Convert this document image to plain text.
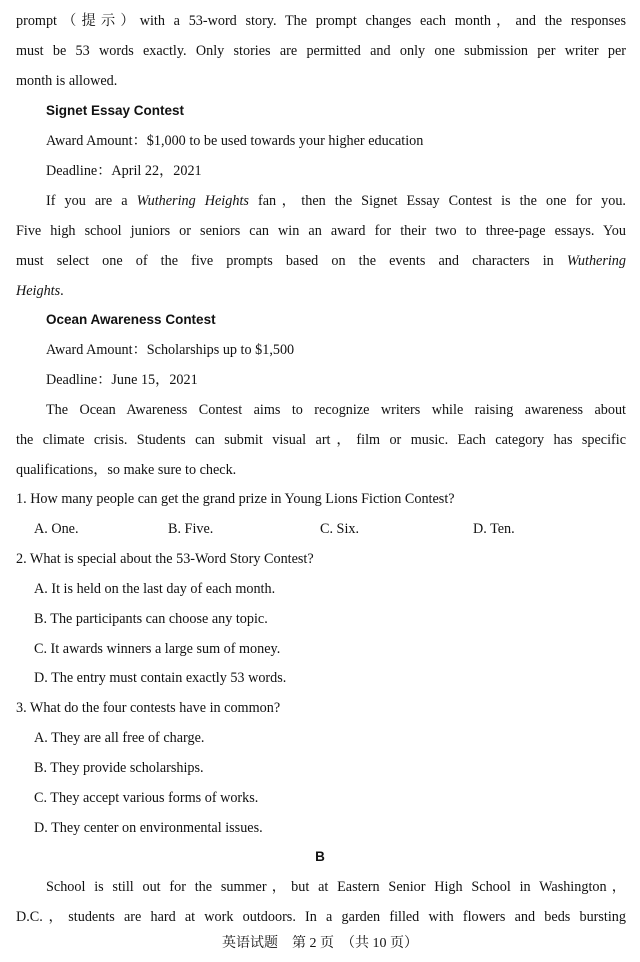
prompt（提示）with a 53-word story. The prompt changes each month，and the responses
must be 53 words exactly. Only stories are permitted and only one submission per writer per
month is allowed.
Signet Essay Contest
Award Amount：$1,000 to be used towards your higher education
Deadline：April 22，2021
If you are a Wuthering Heights fan，then the Signet Essay Contest is the one for you.
Five high school juniors or seniors can win an award for their two to three-page essays. You
must select one of the five prompts based on the events and characters in Wuthering
Heights.
Ocean Awareness Contest
Award Amount：Scholarships up to $1,500
Deadline：June 15，2021
The Ocean Awareness Contest aims to recognize writers while raising awareness about
the climate crisis. Students can submit visual art，film or music. Each category has specific
qualifications，so make sure to check.
1. How many people can get the grand prize in Young Lions Fiction Contest?
A. One.	B. Five.	C. Six.	D. Ten.
2. What is special about the 53-Word Story Contest?
A. It is held on the last day of each month.
B. The participants can choose any topic.
C. It awards winners a large sum of money.
D. The entry must contain exactly 53 words.
3. What do the four contests have in common?
A. They are all free of charge.
B. They provide scholarships.
C. They accept various forms of works.
D. They center on environmental issues.
B
School is still out for the summer，but at Eastern Senior High School in Washington，
D.C.，students are hard at work outdoors. In a garden filled with flowers and beds bursting
英语试题　第 2 页　（共 10 页）
